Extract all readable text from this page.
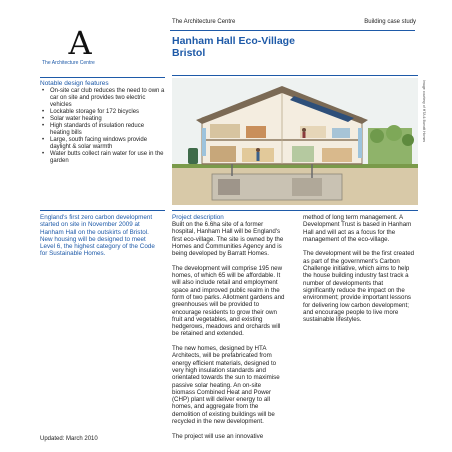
A
The Architecture Centre
The Architecture Centre	Building case study
Hanham Hall Eco-Village
Bristol
Notable design features
• On-site car club reduces the need to own a car on site and provides two electric vehicles
• Lockable storage for 172 bicycles
• Solar water heating
• High standards of insulation reduce heating bills
• Large, south facing windows provide daylight & solar warmth
• Water butts collect rain water for use in the garden
Image courtesy of HTA & Barratt Homes
England's first zero carbon development started on site in November 2009 at Hanham Hall on the outskirts of Bristol. New housing will be designed to meet Level 6, the highest category of the Code for Sustainable Homes.
Project description

Built on the 6.6ha site of a former hospital, Hanham Hall will be England's first eco-village. The site is owned by the Homes and Communities Agency and is being developed by Barratt Homes.

The development will comprise 195 new homes, of which 65 will be affordable. It will also include retail and employment space and improved public realm in the form of two parks. Allotment gardens and greenhouses will be provided to encourage residents to grow their own fruit and vegetables, and existing hedgerows, meadows and orchards will be retained and extended.

The new homes, designed by HTA Architects, will be prefabricated from energy efficient materials, designed to very high insulation standards and orientated towards the sun to maximise passive solar heating. An on-site biomass Combined Heat and Power (CHP) plant will deliver energy to all homes, and aggregate from the demolition of existing buildings will be recycled in the new development.

The project will use an innovative

method of long term management. A Development Trust is based in Hanham Hall and will act as a focus for the management of the eco-village.

The development will be the first created as part of the government's Carbon Challenge initiative, which aims to help the house building industry fast track a number of developments that significantly reduce the impact on the environment; provide important lessons for delivering low carbon development; and encourage people to live more sustainable lifestyles.

Updated: March 2010
